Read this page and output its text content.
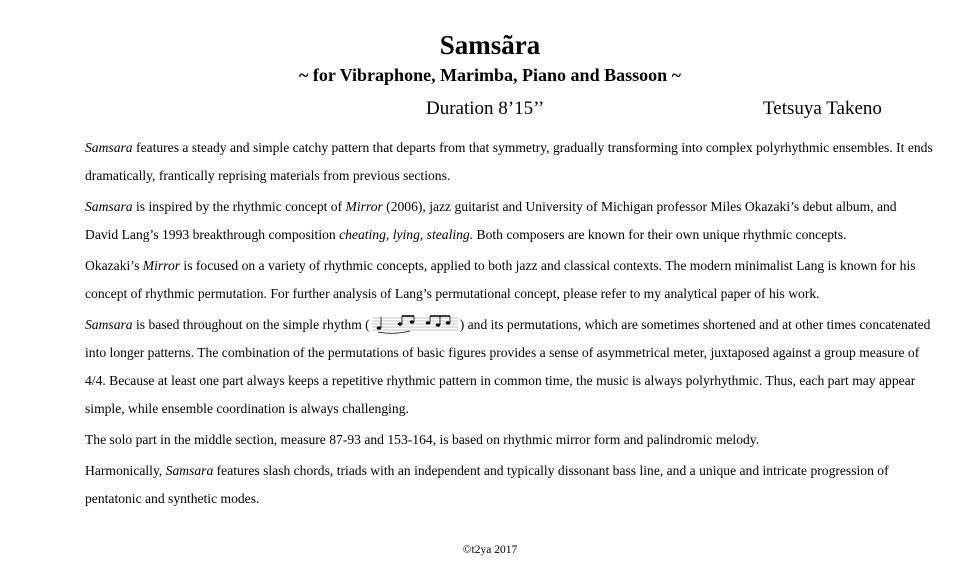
Samsãra
~ for Vibraphone, Marimba, Piano and Bassoon ~
Duration 8’15’’	Tetsuya Takeno

Samsara features a steady and simple catchy pattern that departs from that symmetry, gradually transforming into complex polyrhythmic ensembles. It ends dramatically, frantically reprising materials from previous sections.

Samsara is inspired by the rhythmic concept of Mirror (2006), jazz guitarist and University of Michigan professor Miles Okazaki’s debut album, and David Lang’s 1993 breakthrough composition cheating, lying, stealing. Both composers are known for their own unique rhythmic concepts.

Okazaki’s Mirror is focused on a variety of rhythmic concepts, applied to both jazz and classical contexts. The modern minimalist Lang is known for his concept of rhythmic permutation. For further analysis of Lang’s permutational concept, please refer to my analytical paper of his work.

Samsara is based throughout on the simple rhythm (	) and its permutations, which are sometimes shortened and at other times concatenated into longer patterns. The combination of the permutations of basic figures provides a sense of asymmetrical meter, juxtaposed against a group measure of 4/4. Because at least one part always keeps a repetitive rhythmic pattern in common time, the music is always polyrhythmic. Thus, each part may appear simple, while ensemble coordination is always challenging.

The solo part in the middle section, measure 87-93 and 153-164, is based on rhythmic mirror form and palindromic melody.

Harmonically, Samsara features slash chords, triads with an independent and typically dissonant bass line, and a unique and intricate progression of pentatonic and synthetic modes.

©t2ya 2017
